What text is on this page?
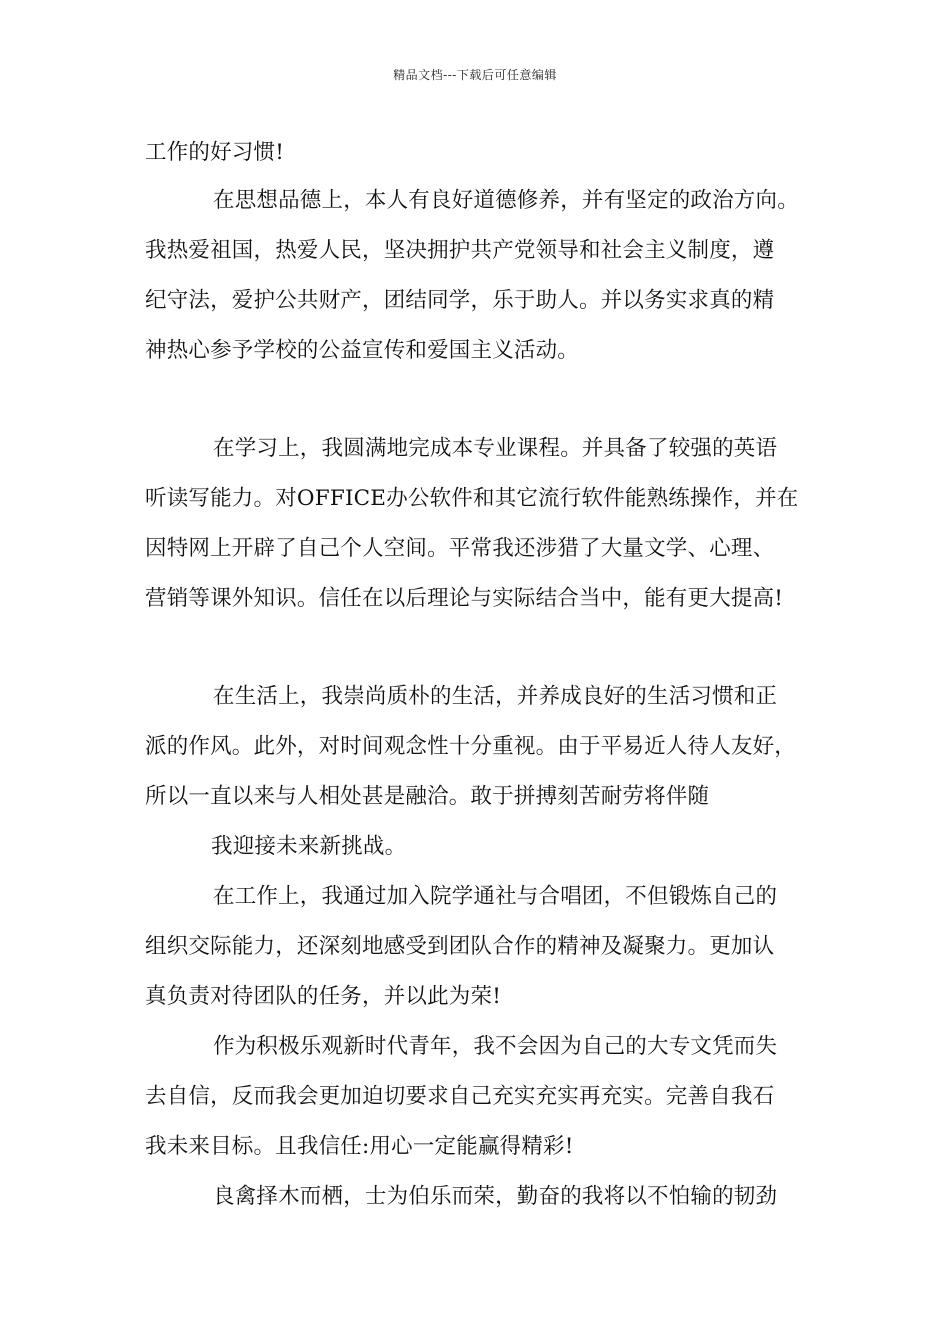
精品文档---下载后可任意编辑
工作的好习惯!
在思想品德上，本人有良好道德修养，并有坚定的政治方向。
我热爱祖国，热爱人民，坚决拥护共产党领导和社会主义制度，遵
纪守法，爱护公共财产，团结同学，乐于助人。并以务实求真的精
神热心参予学校的公益宣传和爱国主义活动。
在学习上，我圆满地完成本专业课程。并具备了较强的英语
听读写能力。对OFFICE办公软件和其它流行软件能熟练操作，并在
因特网上开辟了自己个人空间。平常我还涉猎了大量文学、心理、
营销等课外知识。信任在以后理论与实际结合当中，能有更大提高!
在生活上，我崇尚质朴的生活，并养成良好的生活习惯和正
派的作风。此外，对时间观念性十分重视。由于平易近人待人友好，
所以一直以来与人相处甚是融洽。敢于拼搏刻苦耐劳将伴随
我迎接未来新挑战。
在工作上，我通过加入院学通社与合唱团，不但锻炼自己的
组织交际能力，还深刻地感受到团队合作的精神及凝聚力。更加认
真负责对待团队的任务，并以此为荣!
作为积极乐观新时代青年，我不会因为自己的大专文凭而失
去自信，反而我会更加迫切要求自己充实充实再充实。完善自我石
我未来目标。且我信任:用心一定能赢得精彩!
良禽择木而栖，士为伯乐而荣，勤奋的我将以不怕输的韧劲
